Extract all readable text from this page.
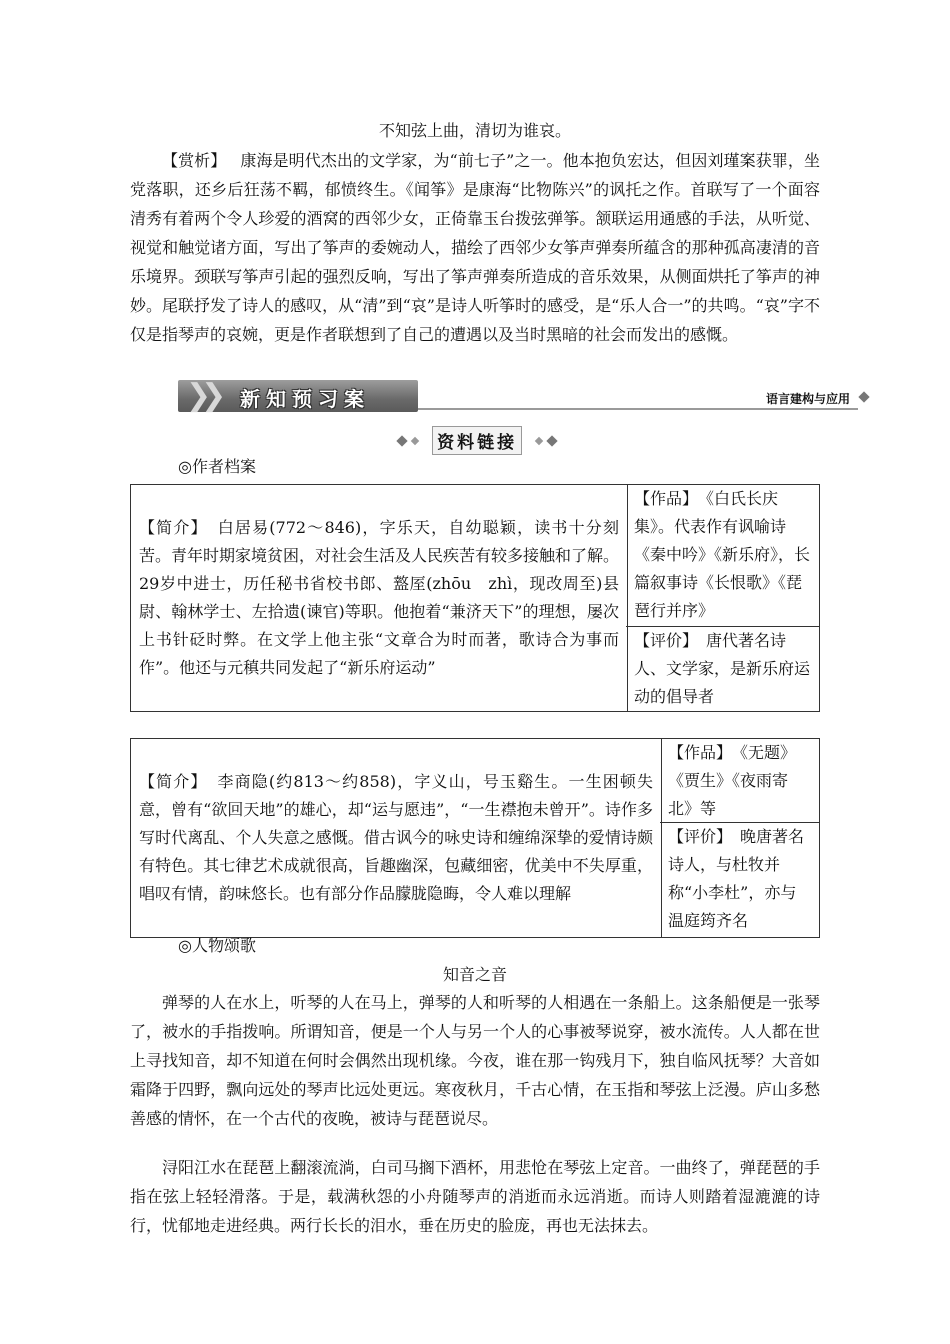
不知弦上曲，清切为谁哀。
【赏析】 康海是明代杰出的文学家，为“前七子”之一。他本抱负宏达，但因刘瑾案获罪，坐党落职，还乡后狂荡不羁，郁愤终生。《闻筝》是康海“比物陈兴”的讽托之作。首联写了一个面容清秀有着两个令人珍爱的酒窝的西邻少女，正倚靠玉台拨弦弹筝。颔联运用通感的手法，从听觉、视觉和触觉诸方面，写出了筝声的委婉动人，描绘了西邻少女筝声弹奏所蕴含的那种孤高凄清的音乐境界。颈联写筝声引起的强烈反响，写出了筝声弹奏所造成的音乐效果，从侧面烘托了筝声的神妙。尾联抒发了诗人的感叹，从“清”到“哀”是诗人听筝时的感受，是“乐人合一”的共鸣。“哀”字不仅是指琴声的哀婉，更是作者联想到了自己的遭遇以及当时黑暗的社会而发出的感慨。
❯❯ 新知预习案	语言建构与应用
资料链接
◎作者档案
【简介】 白居易(772～846)，字乐天，自幼聪颖，读书十分刻苦。青年时期家境贫困，对社会生活及人民疾苦有较多接触和了解。29岁中进士，历任秘书省校书郎、盩厔(zhōu　zhì，现改周至)县尉、翰林学士、左拾遗(谏官)等职。他抱着“兼济天下”的理想，屡次上书针砭时弊。在文学上他主张“文章合为时而著，歌诗合为事而作”。他还与元稹共同发起了“新乐府运动”
【作品】 《白氏长庆集》。代表作有讽喻诗《秦中吟》《新乐府》，长篇叙事诗《长恨歌》《琵琶行并序》
【评价】 唐代著名诗人、文学家，是新乐府运动的倡导者
【简介】 李商隐(约813～约858)，字义山，号玉谿生。一生困顿失意，曾有“欲回天地”的雄心，却“运与愿违”，“一生襟抱未曾开”。诗作多写时代离乱、个人失意之感慨。借古讽今的咏史诗和缠绵深挚的爱情诗颇有特色。其七律艺术成就很高，旨趣幽深，包藏细密，优美中不失厚重，唱叹有情，韵味悠长。也有部分作品朦胧隐晦，令人难以理解
【作品】 《无题》《贾生》《夜雨寄北》等
【评价】 晚唐著名诗人，与杜牧并称“小李杜”，亦与温庭筠齐名
◎人物颂歌
知音之音
弹琴的人在水上，听琴的人在马上，弹琴的人和听琴的人相遇在一条船上。这条船便是一张琴了，被水的手指拨响。所谓知音，便是一个人与另一个人的心事被琴说穿，被水流传。人人都在世上寻找知音，却不知道在何时会偶然出现机缘。今夜，谁在那一钩残月下，独自临风抚琴？大音如霜降于四野，飘向远处的琴声比远处更远。寒夜秋月，千古心情，在玉指和琴弦上泛漫。庐山多愁善感的情怀，在一个古代的夜晚，被诗与琵琶说尽。
浔阳江水在琵琶上翻滚流淌，白司马搁下酒杯，用悲怆在琴弦上定音。一曲终了，弹琵琶的手指在弦上轻轻滑落。于是，载满秋怨的小舟随琴声的消逝而永远消逝。而诗人则踏着湿漉漉的诗行，忧郁地走进经典。两行长长的泪水，垂在历史的脸庞，再也无法抹去。
